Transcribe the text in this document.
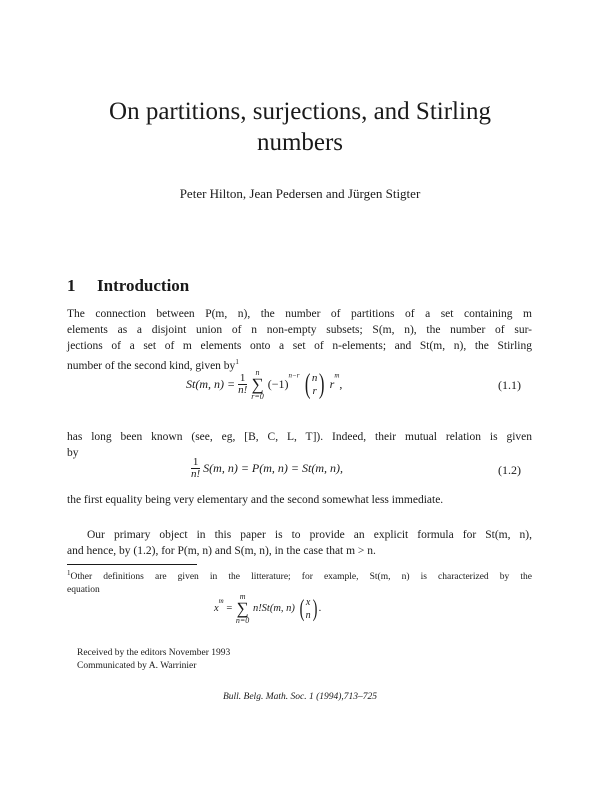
On partitions, surjections, and Stirling
numbers
Peter Hilton, Jean Pedersen and Jürgen Stigter
1 Introduction
The connection between P(m, n), the number of partitions of a set containing m
elements as a disjoint union of n non-empty subsets; S(m, n), the number of sur-
jections of a set of m elements onto a set of n-elements; and St(m, n), the Stirling
number of the second kind, given $by^1$
St(m, $n) = \frac{1}{n!}$

n
∑
r=0
$(-1)^{n-r}$ ( n
r ) $r^m$,	(1.1)
has long been known (see, eg, [B, C, L, T]). Indeed, their mutual relation is given
by
$\frac{1}{n!} S(m$, n) = P(m, n) = St(m, n),	(1.2)
the first equality being very elementary and the second somewhat less immediate.
Our primary object in this paper is to provide an explicit formula for St(m, n),
and hence, by (1.2), for P(m, n) and S(m, n), in the case that m > n.
$^1$Other definitions are given in the litterature; for example, St(m, n) is characterized by the
equation
$x^m$ =
m
∑
n=0
n!St(m, n) ( x
n ) .
Received by the editors November 1993
Communicated by A. Warrinier
Bull. Belg. Math. Soc. 1 (1994),713–725
